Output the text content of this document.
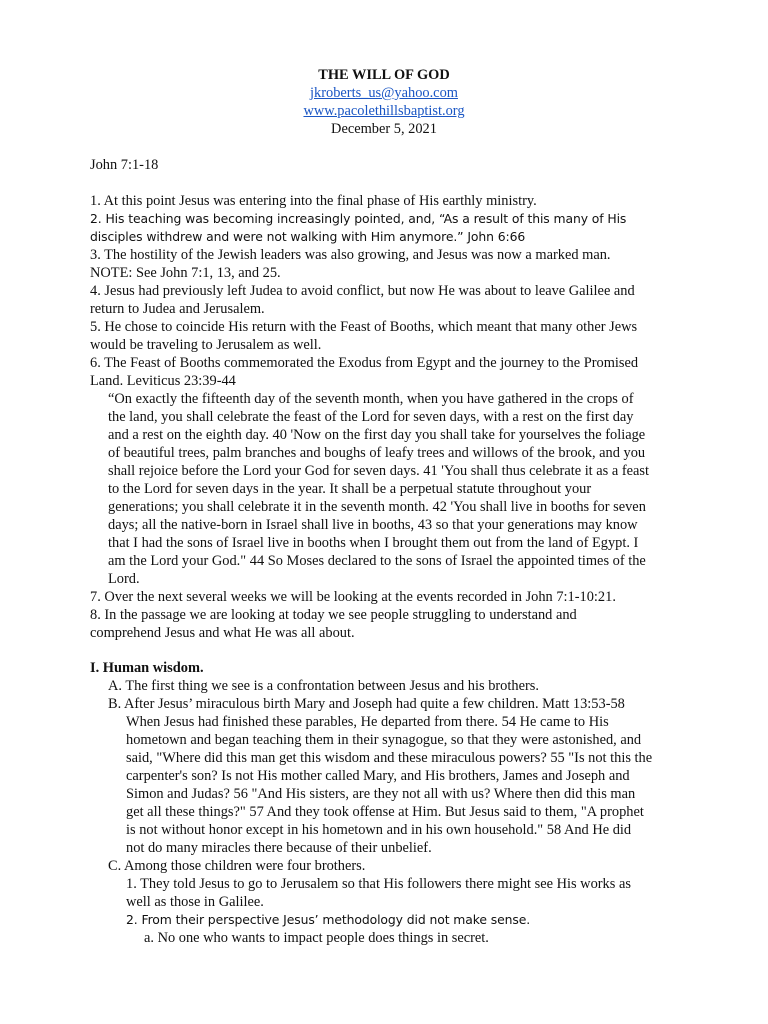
THE WILL OF GOD
jkroberts_us@yahoo.com
www.pacolethillsbaptist.org
December 5, 2021
John 7:1-18
1. At this point Jesus was entering into the final phase of His earthly ministry.
2. His teaching was becoming increasingly pointed, and, “As a result of this many of His
disciples withdrew and were not walking with Him anymore.” John 6:66
3. The hostility of the Jewish leaders was also growing, and Jesus was now a marked man.
NOTE: See John 7:1, 13, and 25.
4. Jesus had previously left Judea to avoid conflict, but now He was about to leave Galilee and
return to Judea and Jerusalem.
5. He chose to coincide His return with the Feast of Booths, which meant that many other Jews
would be traveling to Jerusalem as well.
6. The Feast of Booths commemorated the Exodus from Egypt and the journey to the Promised
Land. Leviticus 23:39-44
“On exactly the fifteenth day of the seventh month, when you have gathered in the crops of
the land, you shall celebrate the feast of the Lord for seven days, with a rest on the first day
and a rest on the eighth day. 40 'Now on the first day you shall take for yourselves the foliage
of beautiful trees, palm branches and boughs of leafy trees and willows of the brook, and you
shall rejoice before the Lord your God for seven days. 41 'You shall thus celebrate it as a feast
to the Lord for seven days in the year. It shall be a perpetual statute throughout your
generations; you shall celebrate it in the seventh month. 42 'You shall live in booths for seven
days; all the native-born in Israel shall live in booths, 43 so that your generations may know
that I had the sons of Israel live in booths when I brought them out from the land of Egypt. I
am the Lord your God." 44 So Moses declared to the sons of Israel the appointed times of the
Lord.
7. Over the next several weeks we will be looking at the events recorded in John 7:1-10:21.
8. In the passage we are looking at today we see people struggling to understand and
comprehend Jesus and what He was all about.
I. Human wisdom.
A. The first thing we see is a confrontation between Jesus and his brothers.
B. After Jesus’ miraculous birth Mary and Joseph had quite a few children. Matt 13:53-58
When Jesus had finished these parables, He departed from there. 54 He came to His
hometown and began teaching them in their synagogue, so that they were astonished, and
said, "Where did this man get this wisdom and these miraculous powers? 55 "Is not this the
carpenter's son? Is not His mother called Mary, and His brothers, James and Joseph and
Simon and Judas? 56 "And His sisters, are they not all with us? Where then did this man
get all these things?" 57 And they took offense at Him. But Jesus said to them, "A prophet
is not without honor except in his hometown and in his own household." 58 And He did
not do many miracles there because of their unbelief.
C. Among those children were four brothers.
1. They told Jesus to go to Jerusalem so that His followers there might see His works as
well as those in Galilee.
2. From their perspective Jesus’ methodology did not make sense.
a. No one who wants to impact people does things in secret.
